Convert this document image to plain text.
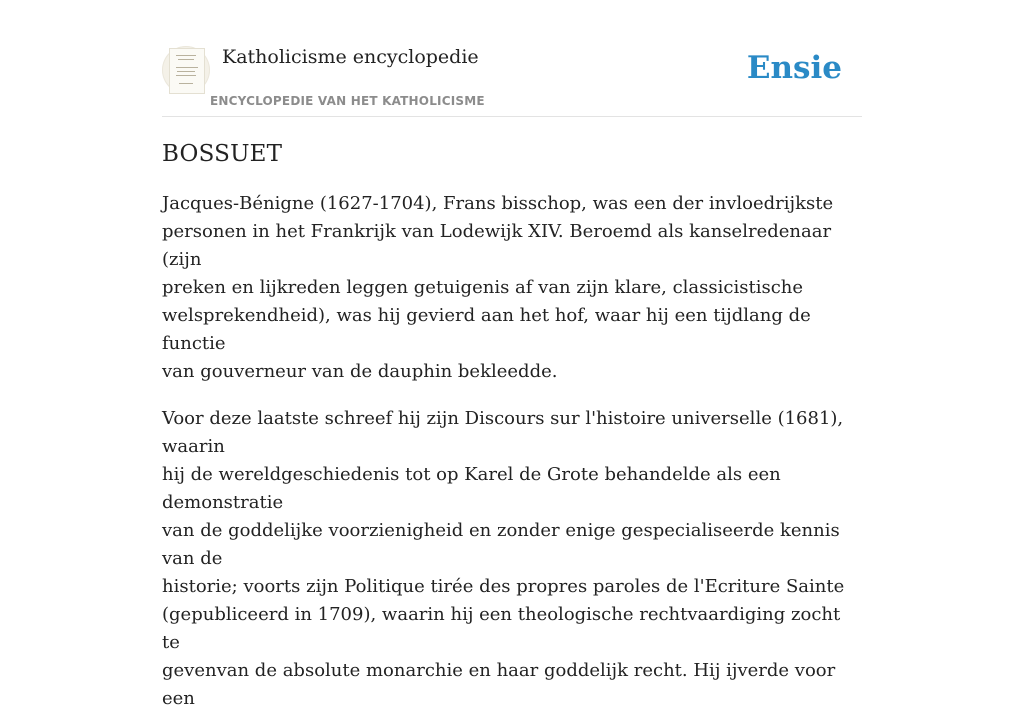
Katholicisme encyclopedie
ENCYCLOPEDIE VAN HET KATHOLICISME
Ensie
BOSSUET

Jacques-Bénigne (1627-1704), Frans bisschop, was een der invloedrijkste
personen in het Frankrijk van Lodewijk XIV. Beroemd als kanselredenaar (zijn
preken en lijkreden leggen getuigenis af van zijn klare, classicistische
welsprekendheid), was hij gevierd aan het hof, waar hij een tijdlang de functie
van gouverneur van de dauphin bekleedde.

Voor deze laatste schreef hij zijn Discours sur l'histoire universelle (1681), waarin
hij de wereldgeschiedenis tot op Karel de Grote behandelde als een demonstratie
van de goddelijke voorzienigheid en zonder enige gespecialiseerde kennis van de
historie; voorts zijn Politique tirée des propres paroles de l'Ecriture Sainte
(gepubliceerd in 1709), waarin hij een theologische rechtvaardiging zocht te
gevenvan de absolute monarchie en haar goddelijk recht. Hij ijverde voor een
